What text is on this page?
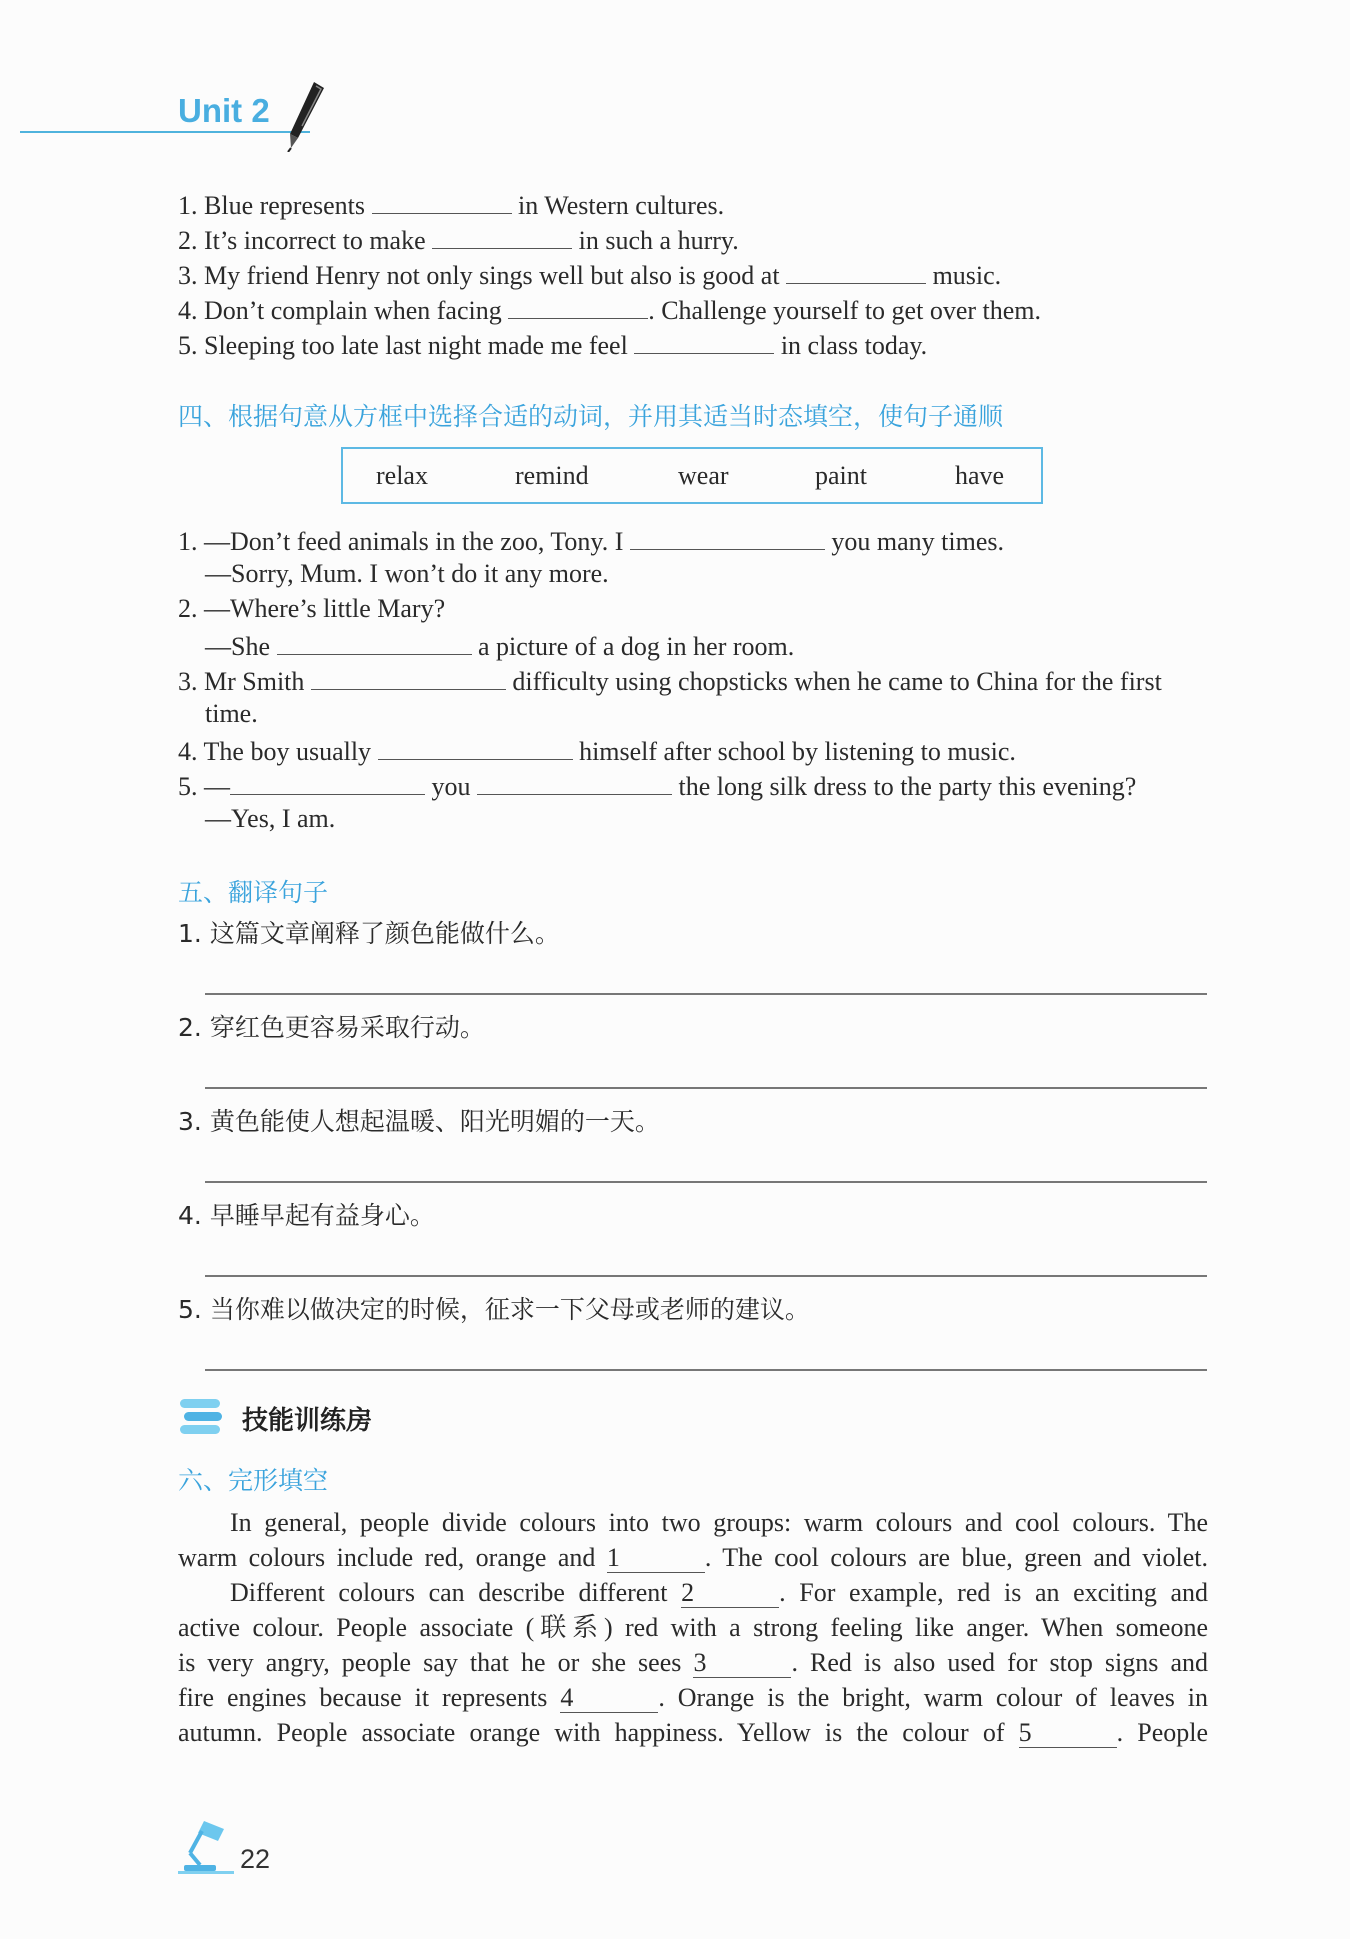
Unit 2
1. Blue represents	in Western cultures.
2. It’s incorrect to make	in such a hurry.
3. My friend Henry not only sings well but also is good at	music.
4. Don’t complain when facing	. Challenge yourself to get over them.
5. Sleeping too late last night made me feel	in class today.
四、根据句意从方框中选择合适的动词，并用其适当时态填空，使句子通顺
relax	remind	wear	paint	have
1. —Don’t feed animals in the zoo, Tony. I	you many times.
—Sorry, Mum. I won’t do it any more.
2. —Where’s little Mary?
—She	a picture of a dog in her room.
3. Mr Smith	difficulty using chopsticks when he came to China for the first
time.
4. The boy usually	himself after school by listening to music.
5. —	you	the long silk dress to the party this evening?
—Yes, I am.
五、翻译句子
1. 这篇文章阐释了颜色能做什么。
2. 穿红色更容易采取行动。
3. 黄色能使人想起温暖、阳光明媚的一天。
4. 早睡早起有益身心。
5. 当你难以做决定的时候，征求一下父母或老师的建议。
技能训练房
六、完形填空
In general, people divide colours into two groups: warm colours and cool colours. The
warm colours include red, orange and 1	. The cool colours are blue, green and violet.
Different colours can describe different 2	. For example, red is an exciting and
active colour. People associate (联系) red with a strong feeling like anger. When someone
is very angry, people say that he or she sees 3	. Red is also used for stop signs and
fire engines because it represents 4	. Orange is the bright, warm colour of leaves in
autumn. People associate orange with happiness. Yellow is the colour of 5	. People
22
